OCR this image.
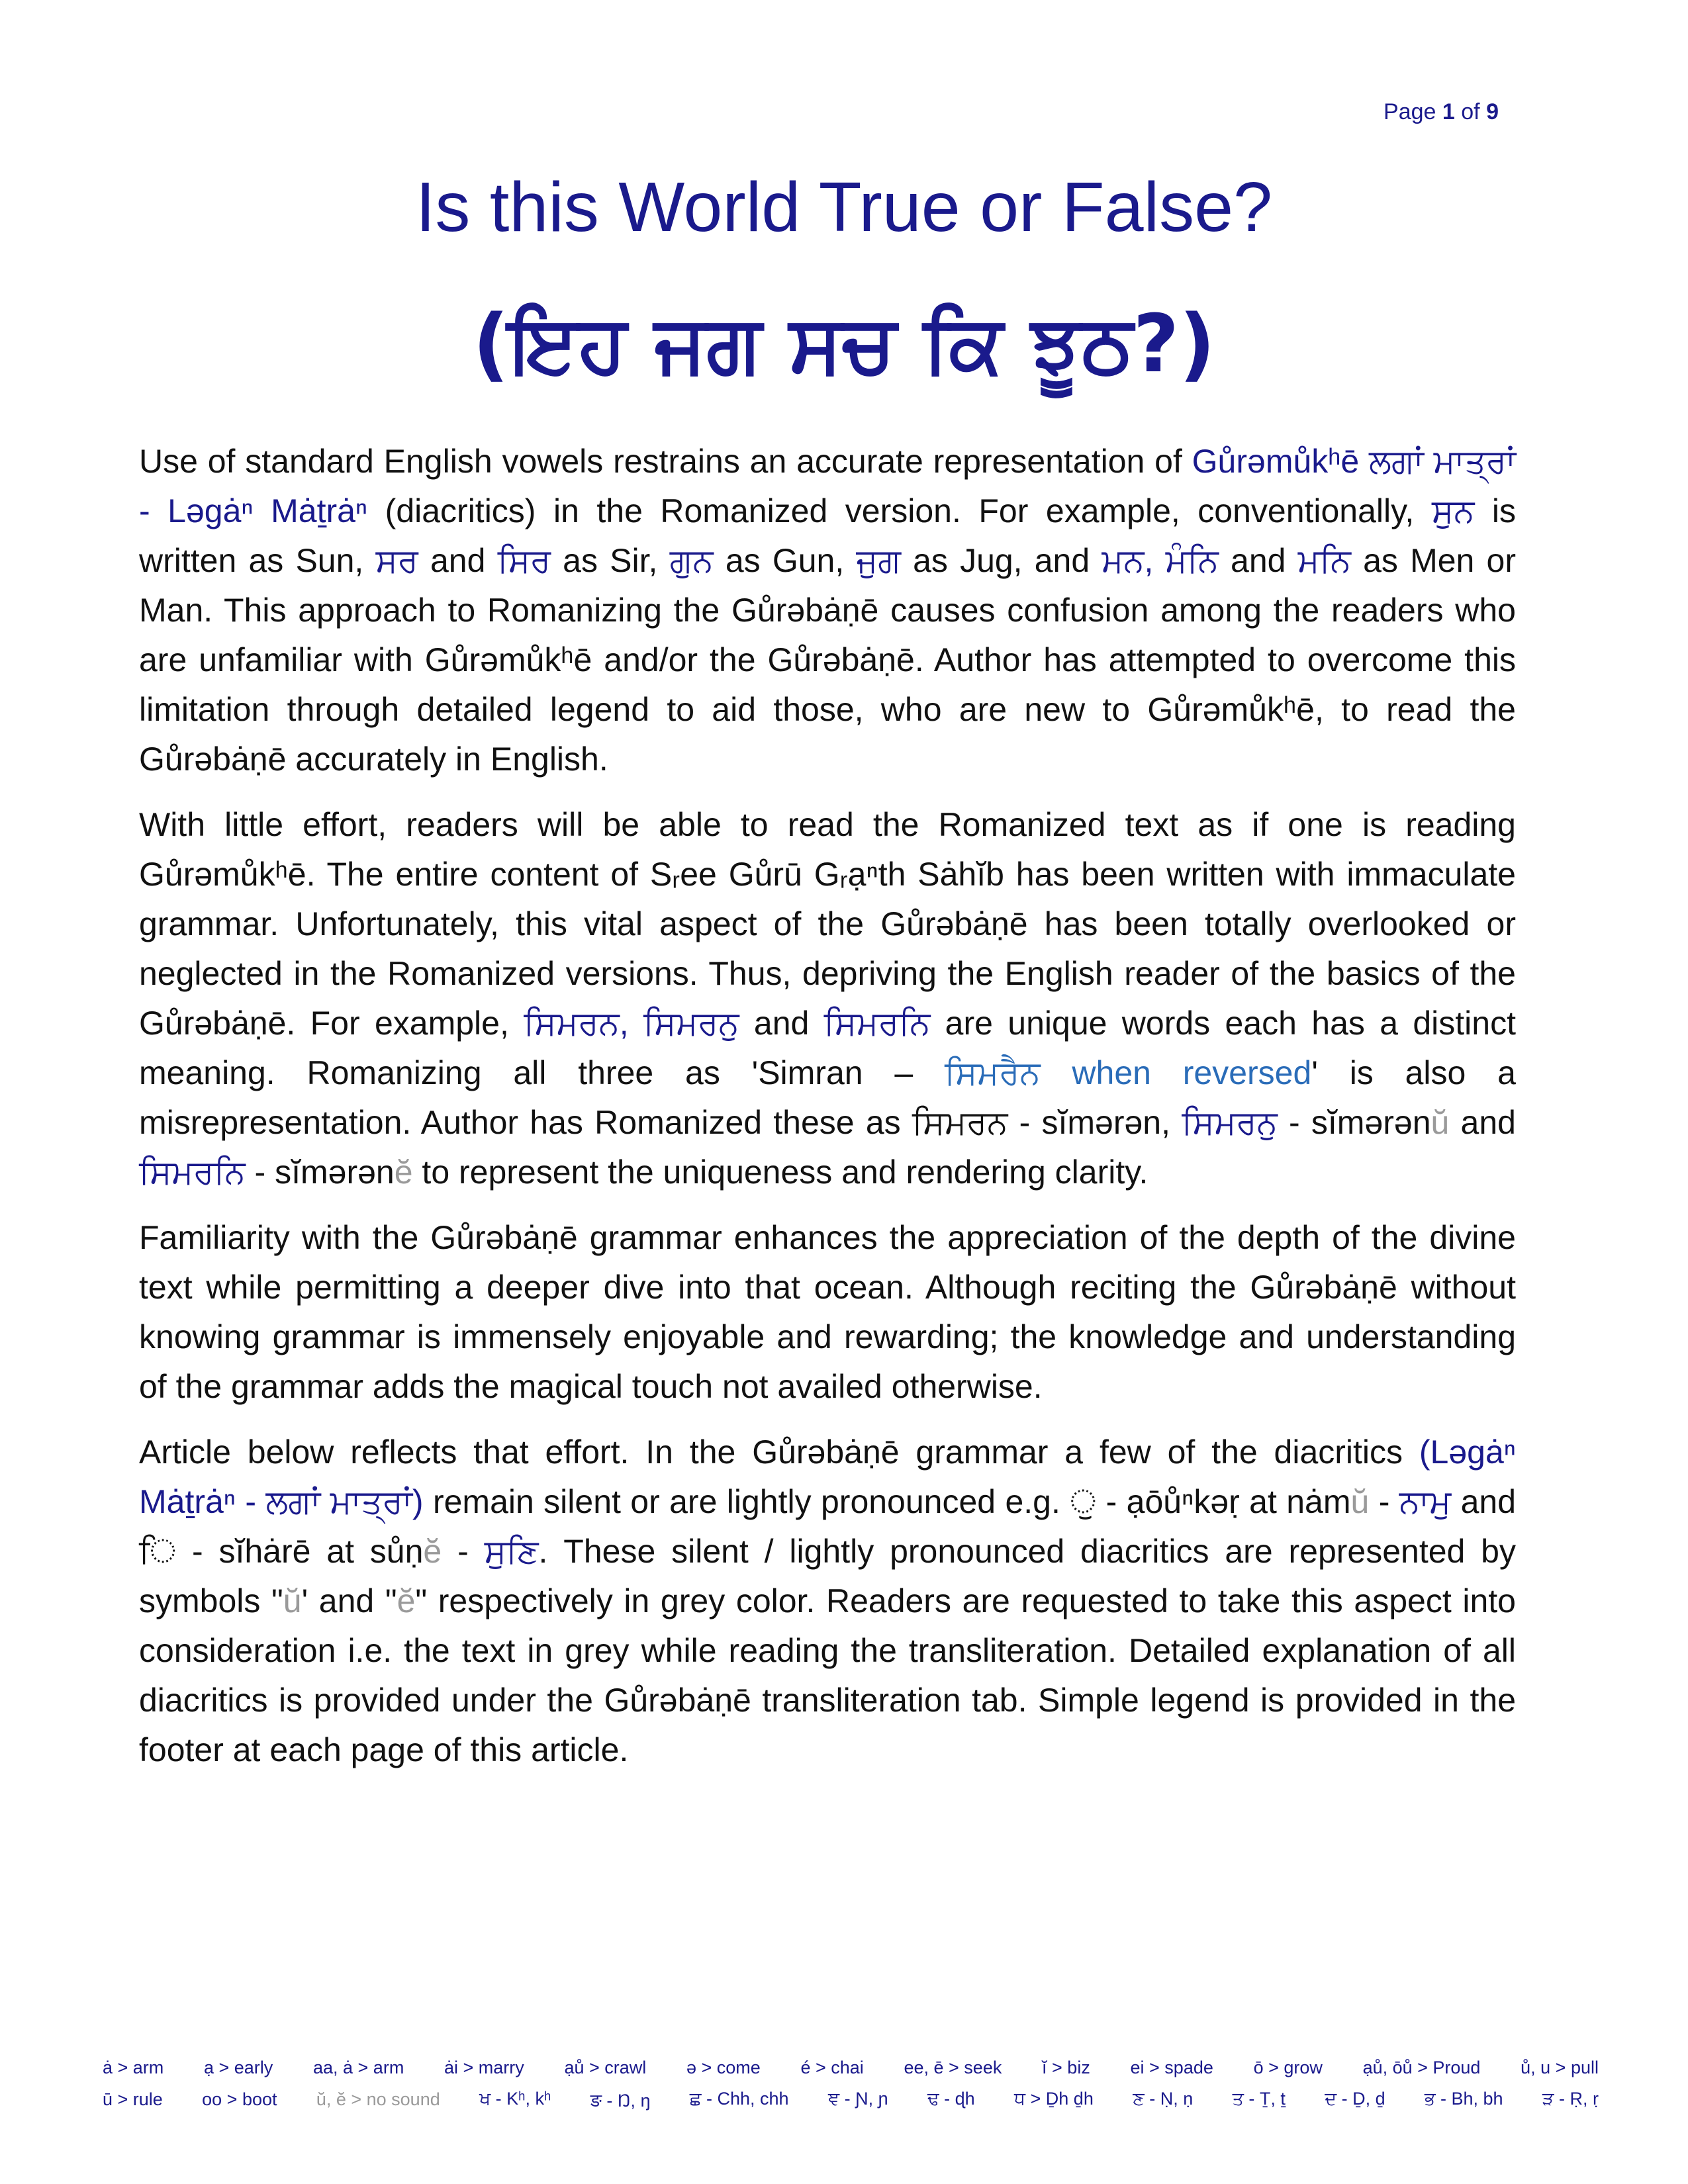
Page 1 of 9
Is this World True or False?
(ਇਹ ਜਗ ਸਚ ਕਿ ਝੂਠ?)

Use of standard English vowels restrains an accurate representation of Gůrəmůkʰē ਲਗਾਂ ਮਾਤ੍ਰਾਂ - Ləgȧⁿ Mȧṯrȧⁿ (diacritics) in the Romanized version. For example, conventionally, ਸੁਨ is written as Sun, ਸਰ and ਸਿਰ as Sir, ਗੁਨ as Gun, ਜੁਗ as Jug, and ਮਨ, ਮੰਨਿ and ਮਨਿ as Men or Man. This approach to Romanizing the Gůrəbȧṇē causes confusion among the readers who are unfamiliar with Gůrəmůkʰē and/or the Gůrəbȧṇē. Author has attempted to overcome this limitation through detailed legend to aid those, who are new to Gůrəmůkʰē, to read the Gůrəbȧṇē accurately in English.

With little effort, readers will be able to read the Romanized text as if one is reading Gůrəmůkʰē. The entire content of Sᵣee Gůrū Gᵣạⁿth Sȧhĭb has been written with immaculate grammar. Unfortunately, this vital aspect of the Gůrəbȧṇē has been totally overlooked or neglected in the Romanized versions. Thus, depriving the English reader of the basics of the Gůrəbȧṇē. For example, ਸਿਮਰਨ, ਸਿਮਰਨੁ and ਸਿਮਰਨਿ are unique words each has a distinct meaning. Romanizing all three as 'Simran – ਸਿਮਰੈਨ when reversed' is also a misrepresentation. Author has Romanized these as ਸਿਮਰਨ - sĭmərən, ਸਿਮਰਨੁ - sĭmərənŭ and ਸਿਮਰਨਿ - sĭmərənĕ to represent the uniqueness and rendering clarity.

Familiarity with the Gůrəbȧṇē grammar enhances the appreciation of the depth of the divine text while permitting a deeper dive into that ocean. Although reciting the Gůrəbȧṇē without knowing grammar is immensely enjoyable and rewarding; the knowledge and understanding of the grammar adds the magical touch not availed otherwise.

Article below reflects that effort. In the Gůrəbȧṇē grammar a few of the diacritics (Ləgȧⁿ Mȧṯrȧⁿ - ਲਗਾਂ ਮਾਤ੍ਰਾਂ) remain silent or are lightly pronounced e.g. ੁ - ạōůⁿkəṛ at nȧmŭ - ਨਾਮੁ and ਿ - sĭhȧrē at sůṇĕ - ਸੁਣਿ. These silent / lightly pronounced diacritics are represented by symbols "ŭ' and "ĕ" respectively in grey color. Readers are requested to take this aspect into consideration i.e. the text in grey while reading the transliteration. Detailed explanation of all diacritics is provided under the Gůrəbȧṇē transliteration tab. Simple legend is provided in the footer at each page of this article.

ȧ > arm ạ > early aa, ȧ > arm ȧi > marry ạů > crawl ə > come é > chai ee, ē > seek ĭ > biz ei > spade ō > grow ạů, ōů > Proud ů, u > pull
ū > rule oo > boot ŭ, ĕ > no sound ਖ - Kʰ, kʰ ङ - Ŋ, ŋ ਛ - Chh, chh ਞ - Ɲ, ɲ ਢ - ɖh ਧ > Ḏh ḏh ਣ - Ṇ, ṇ ਤ - Ṯ, ṯ ਦ - Ḏ, ḏ ਭ - Bh, bh ੜ - Ṛ, ṛ
